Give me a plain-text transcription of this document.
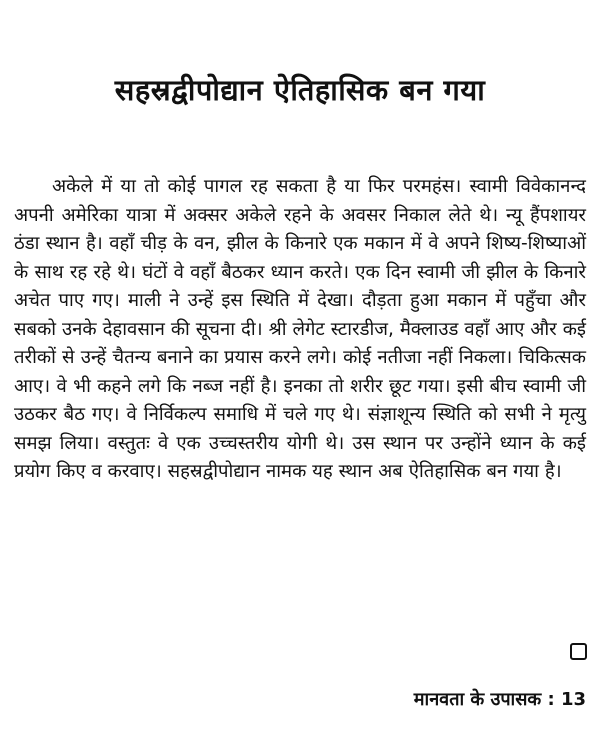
सहस्रद्वीपोद्यान ऐतिहासिक बन गया

अकेले में या तो कोई पागल रह सकता है या फिर परमहंस। स्वामी विवेकानन्द अपनी अमेरिका यात्रा में अक्सर अकेले रहने के अवसर निकाल लेते थे। न्यू हैंपशायर ठंडा स्थान है। वहाँ चीड़ के वन, झील के किनारे एक मकान में वे अपने शिष्य-शिष्याओं के साथ रह रहे थे। घंटों वे वहाँ बैठकर ध्यान करते। एक दिन स्वामी जी झील के किनारे अचेत पाए गए। माली ने उन्हें इस स्थिति में देखा। दौड़ता हुआ मकान में पहुँचा और सबको उनके देहावसान की सूचना दी। श्री लेगेट स्टारडीज, मैक्लाउड वहाँ आए और कई तरीकों से उन्हें चैतन्य बनाने का प्रयास करने लगे। कोई नतीजा नहीं निकला। चिकित्सक आए। वे भी कहने लगे कि नब्ज नहीं है। इनका तो शरीर छूट गया। इसी बीच स्वामी जी उठकर बैठ गए। वे निर्विकल्प समाधि में चले गए थे। संज्ञाशून्य स्थिति को सभी ने मृत्यु समझ लिया। वस्तुतः वे एक उच्चस्तरीय योगी थे। उस स्थान पर उन्होंने ध्यान के कई प्रयोग किए व करवाए। सहस्रद्वीपोद्यान नामक यह स्थान अब ऐतिहासिक बन गया है।

मानवता के उपासक : 13
